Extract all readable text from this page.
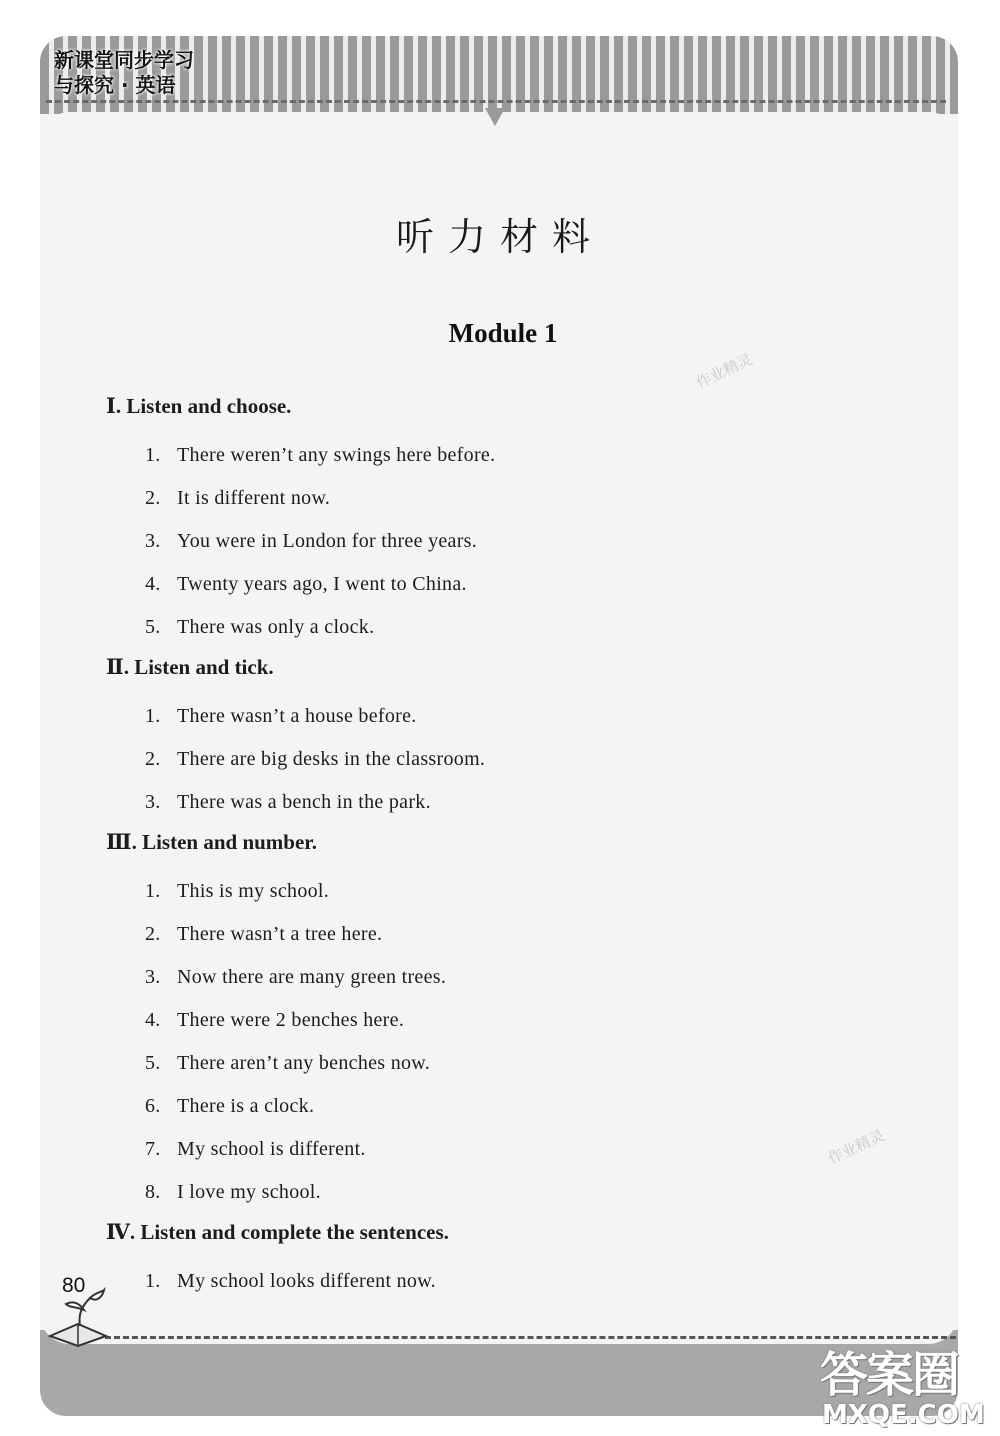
新课堂同步学习
与探究 · 英语
听力材料
Module 1
作业精灵
作业精灵
Ⅰ. Listen and choose.
1. There weren’t any swings here before.
2. It is different now.
3. You were in London for three years.
4. Twenty years ago, I went to China.
5. There was only a clock.
Ⅱ. Listen and tick.
1. There wasn’t a house before.
2. There are big desks in the classroom.
3. There was a bench in the park.
Ⅲ. Listen and number.
1. This is my school.
2. There wasn’t a tree here.
3. Now there are many green trees.
4. There were 2 benches here.
5. There aren’t any benches now.
6. There is a clock.
7. My school is different.
8. I love my school.
Ⅳ. Listen and complete the sentences.
1. My school looks different now.
80
答案圈
MXQE.COM
